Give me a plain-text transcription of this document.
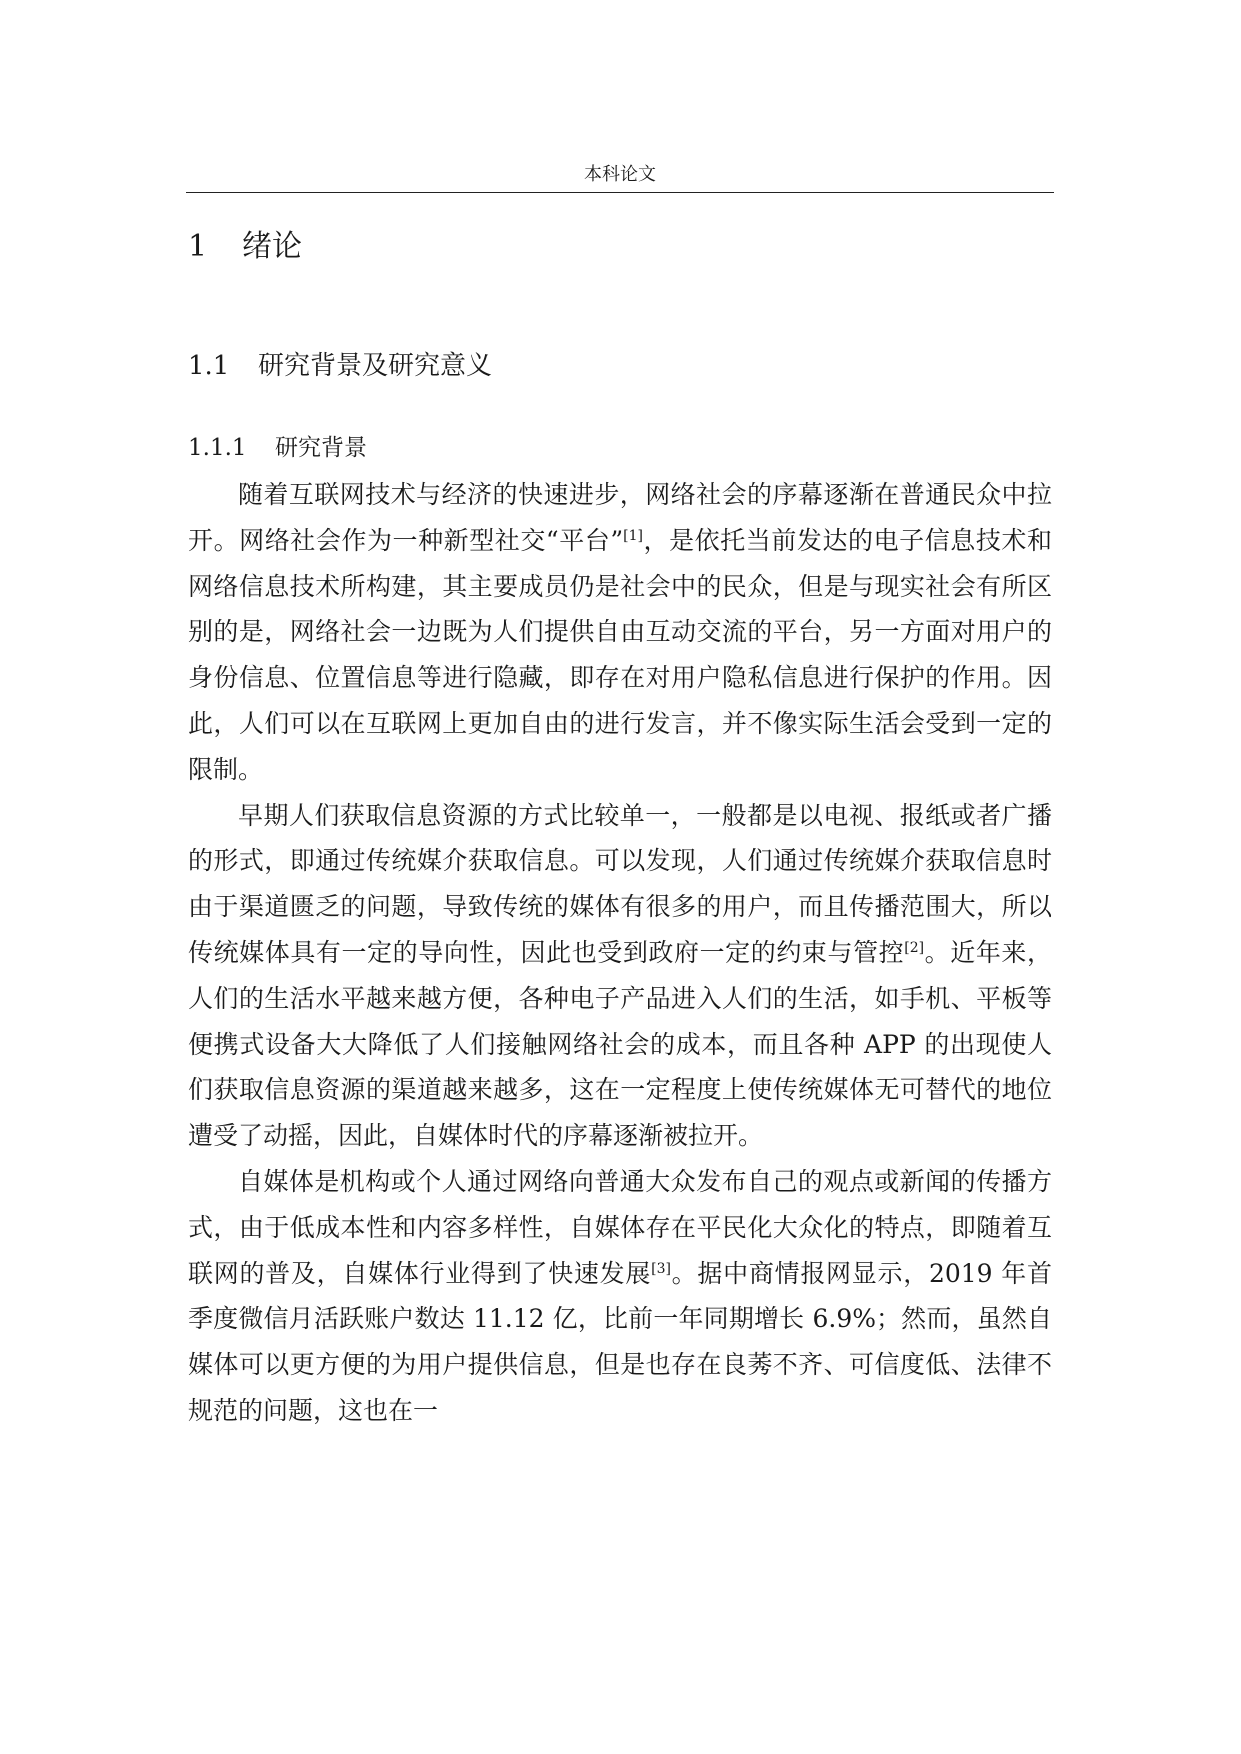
本科论文
1 绪论
1.1 研究背景及研究意义
1.1.1 研究背景

随着互联网技术与经济的快速进步，网络社会的序幕逐渐在普通民众中拉开。网络社会作为一种新型社交“平台”[1]，是依托当前发达的电子信息技术和网络信息技术所构建，其主要成员仍是社会中的民众，但是与现实社会有所区别的是，网络社会一边既为人们提供自由互动交流的平台，另一方面对用户的身份信息、位置信息等进行隐藏，即存在对用户隐私信息进行保护的作用。因此，人们可以在互联网上更加自由的进行发言，并不像实际生活会受到一定的限制。

早期人们获取信息资源的方式比较单一，一般都是以电视、报纸或者广播的形式，即通过传统媒介获取信息。可以发现，人们通过传统媒介获取信息时由于渠道匮乏的问题，导致传统的媒体有很多的用户，而且传播范围大，所以传统媒体具有一定的导向性，因此也受到政府一定的约束与管控[2]。近年来，人们的生活水平越来越方便，各种电子产品进入人们的生活，如手机、平板等便携式设备大大降低了人们接触网络社会的成本，而且各种 APP 的出现使人们获取信息资源的渠道越来越多，这在一定程度上使传统媒体无可替代的地位遭受了动摇，因此，自媒体时代的序幕逐渐被拉开。

自媒体是机构或个人通过网络向普通大众发布自己的观点或新闻的传播方式，由于低成本性和内容多样性，自媒体存在平民化大众化的特点，即随着互联网的普及，自媒体行业得到了快速发展[3]。据中商情报网显示，2019 年首季度微信月活跃账户数达 11.12 亿，比前一年同期增长 6.9%；然而，虽然自媒体可以更方便的为用户提供信息，但是也存在良莠不齐、可信度低、法律不规范的问题，这也在一
